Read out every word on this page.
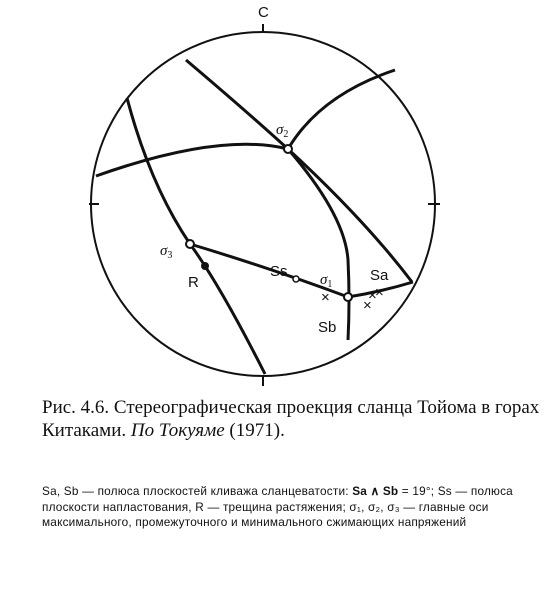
С
× ×
×
×
$\sigma_2$
$\sigma_3$
$\sigma_1$
R
Ss	Sa
Sb
Рис. 4.6. Стереографическая проекция сланца Тойома в горах Китаками. По Токуяме (1971).
Sa, Sb — полюса плоскостей кливажа сланцеватости: Sa ∧ Sb = 19°; Ss — полюса плоскости напластования, R — трещина растяжения; σ₁, σ₂, σ₃ — главные оси максимального, промежуточного и минимального сжимающих напряжений
